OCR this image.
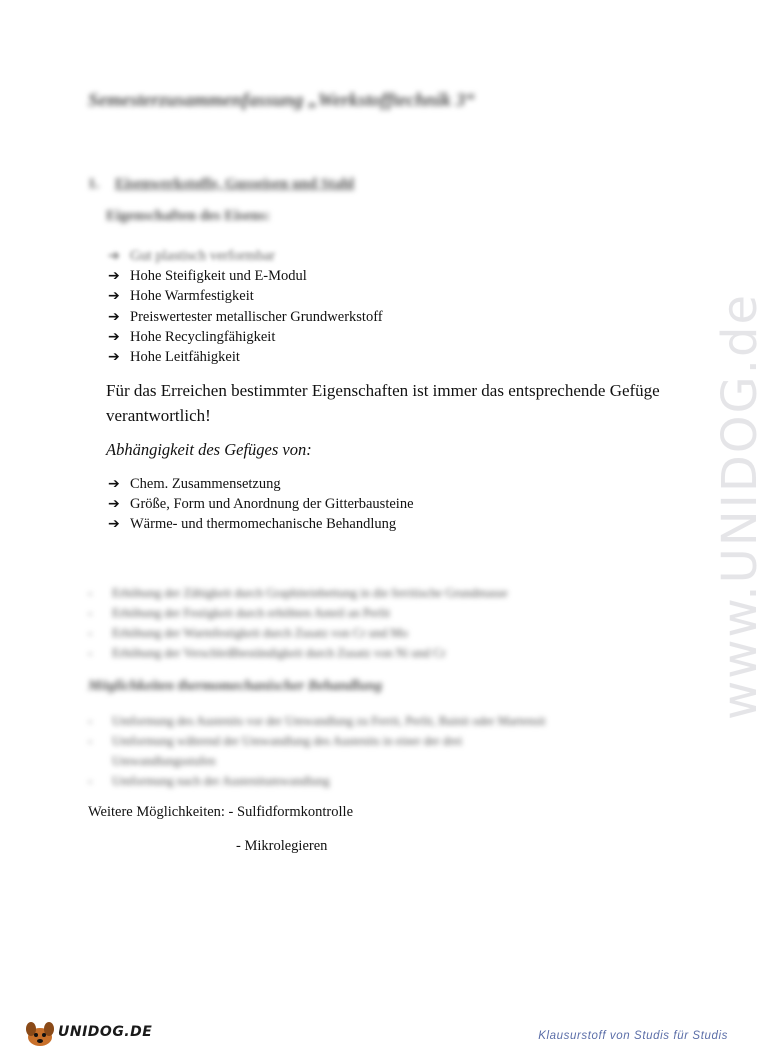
www.UNIDOG.de
Semesterzusammenfassung „Werkstofftechnik 3“
1. Eisenwerkstoffe, Gusseisen und Stahl
Eigenschaften des Eisens:
➔ Gut plastisch verformbar
➔ Hohe Steifigkeit und E-Modul
➔ Hohe Warmfestigkeit
➔ Preiswertester metallischer Grundwerkstoff
➔ Hohe Recyclingfähigkeit
➔ Hohe Leitfähigkeit
Für das Erreichen bestimmter Eigenschaften ist immer das entsprechende Gefüge verantwortlich!
Abhängigkeit des Gefüges von:
➔ Chem. Zusammensetzung
➔ Größe, Form und Anordnung der Gitterbausteine
➔ Wärme- und thermomechanische Behandlung
- Erhöhung der Zähigkeit durch Graphiteinbettung in die ferritische Grundmasse
- Erhöhung der Festigkeit durch erhöhten Anteil an Perlit
- Erhöhung der Warmfestigkeit durch Zusatz von Cr und Mo
- Erhöhung der Verschleißbeständigkeit durch Zusatz von Ni und Cr
Möglichkeiten thermomechanischer Behandlung
- Umformung des Austenits vor der Umwandlung zu Ferrit, Perlit, Bainit oder Martensit
- Umformung während der Umwandlung des Austenits in einer der drei
Umwandlungsstufen
- Umformung nach der Austenitumwandlung
Weitere Möglichkeiten: - Sulfidformkontrolle
- Mikrolegieren
UNIDOG.DE	Klausurstoff von Studis für Studis
